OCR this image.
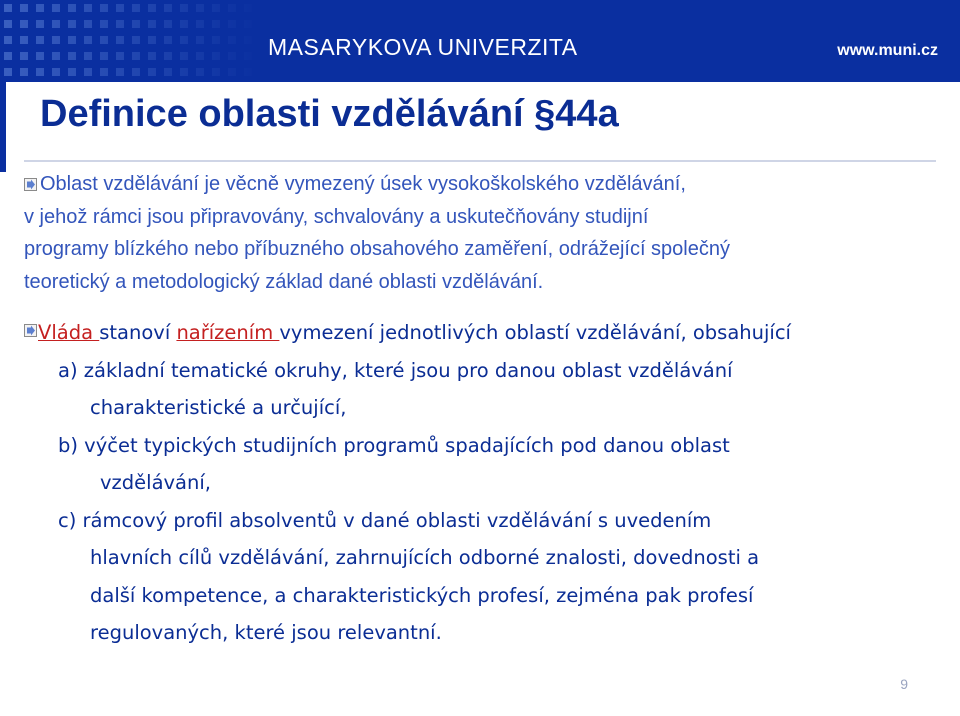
MASARYKOVA UNIVERZITA	www.muni.cz
Definice oblasti vzdělávání §44a
Oblast vzdělávání je věcně vymezený úsek vysokoškolského vzdělávání,
v jehož rámci jsou připravovány, schvalovány a uskutečňovány studijní
programy blízkého nebo příbuzného obsahového zaměření, odrážející společný
teoretický a metodologický základ dané oblasti vzdělávání.
Vláda stanoví nařízením vymezení jednotlivých oblastí vzdělávání, obsahující
a) základní tematické okruhy, které jsou pro danou oblast vzdělávání
charakteristické a určující,
b) výčet typických studijních programů spadajících pod danou oblast
vzdělávání,
c) rámcový profil absolventů v dané oblasti vzdělávání s uvedením
hlavních cílů vzdělávání, zahrnujících odborné znalosti, dovednosti a
další kompetence, a charakteristických profesí, zejména pak profesí
regulovaných, které jsou relevantní.
9
